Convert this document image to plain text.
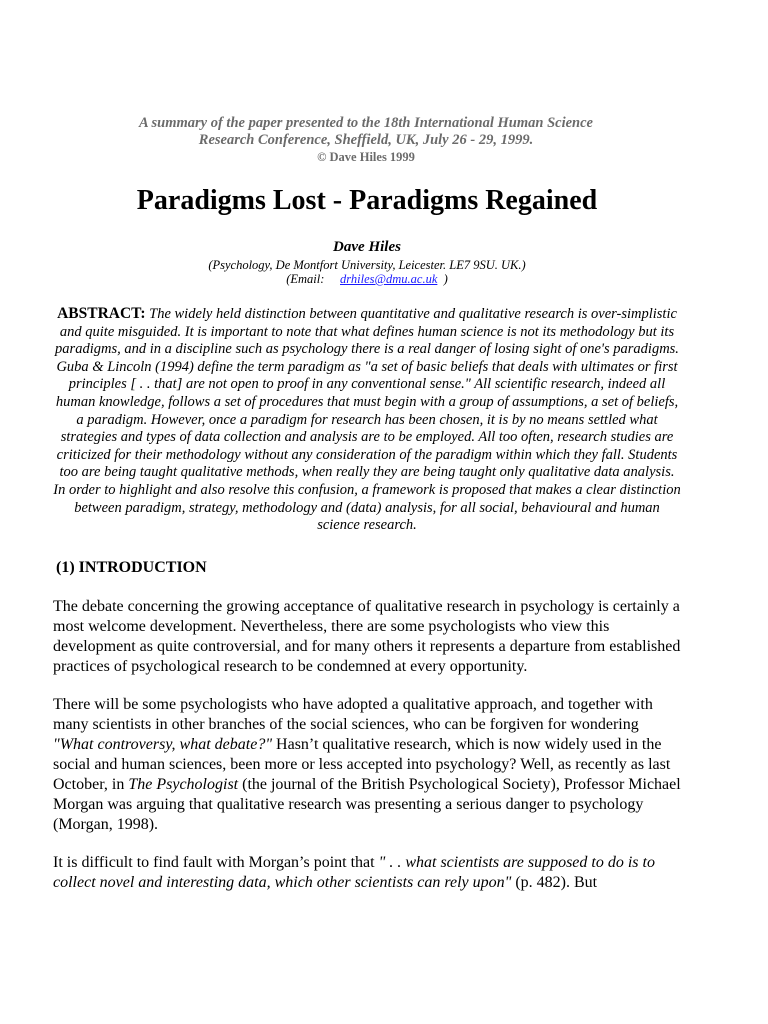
A summary of the paper presented to the 18th International Human Science
Research Conference, Sheffield, UK, July 26 - 29, 1999.
© Dave Hiles 1999
Paradigms Lost - Paradigms Regained
Dave Hiles
(Psychology, De Montfort University, Leicester. LE7 9SU. UK.)
(Email: drhiles@dmu.ac.uk )
ABSTRACT: The widely held distinction between quantitative and qualitative research is over-simplistic and quite misguided. It is important to note that what defines human science is not its methodology but its paradigms, and in a discipline such as psychology there is a real danger of losing sight of one's paradigms. Guba & Lincoln (1994) define the term paradigm as "a set of basic beliefs that deals with ultimates or first principles [ . . that] are not open to proof in any conventional sense." All scientific research, indeed all human knowledge, follows a set of procedures that must begin with a group of assumptions, a set of beliefs, a paradigm. However, once a paradigm for research has been chosen, it is by no means settled what strategies and types of data collection and analysis are to be employed. All too often, research studies are criticized for their methodology without any consideration of the paradigm within which they fall. Students too are being taught qualitative methods, when really they are being taught only qualitative data analysis. In order to highlight and also resolve this confusion, a framework is proposed that makes a clear distinction between paradigm, strategy, methodology and (data) analysis, for all social, behavioural and human science research.
(1) INTRODUCTION
The debate concerning the growing acceptance of qualitative research in psychology is certainly a most welcome development. Nevertheless, there are some psychologists who view this development as quite controversial, and for many others it represents a departure from established practices of psychological research to be condemned at every opportunity.
There will be some psychologists who have adopted a qualitative approach, and together with many scientists in other branches of the social sciences, who can be forgiven for wondering "What controversy, what debate?" Hasn’t qualitative research, which is now widely used in the social and human sciences, been more or less accepted into psychology? Well, as recently as last October, in The Psychologist (the journal of the British Psychological Society), Professor Michael Morgan was arguing that qualitative research was presenting a serious danger to psychology (Morgan, 1998).
It is difficult to find fault with Morgan’s point that " . . what scientists are supposed to do is to collect novel and interesting data, which other scientists can rely upon" (p. 482). But
